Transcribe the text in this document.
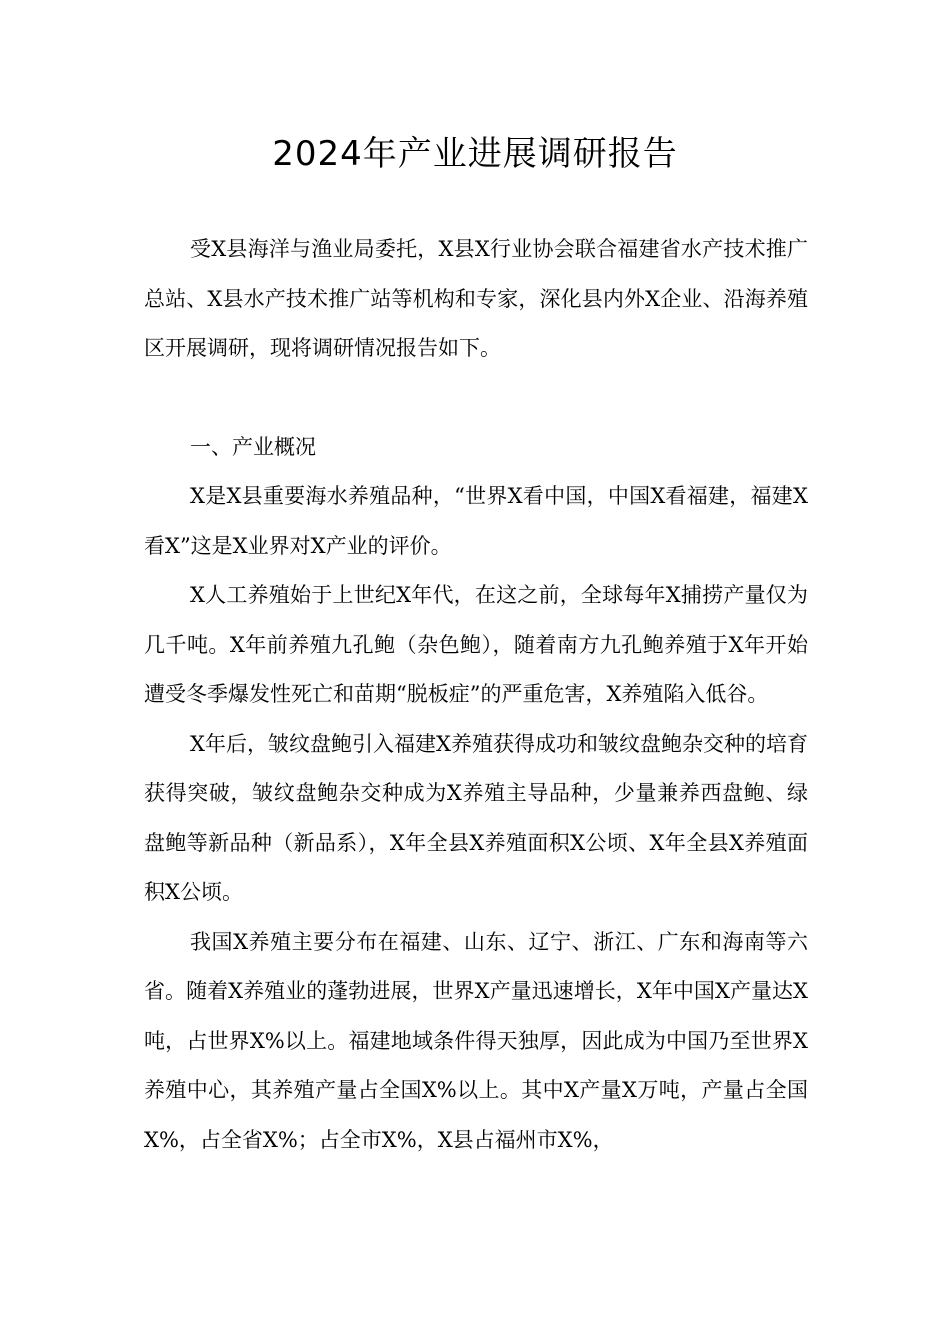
2024年产业进展调研报告

受X县海洋与渔业局委托，X县X行业协会联合福建省水产技术推广总站、X县水产技术推广站等机构和专家，深化县内外X企业、沿海养殖区开展调研，现将调研情况报告如下。

一、产业概况

X是X县重要海水养殖品种，“世界X看中国，中国X看福建，福建X看X”这是X业界对X产业的评价。

X人工养殖始于上世纪X年代，在这之前，全球每年X捕捞产量仅为几千吨。X年前养殖九孔鲍（杂色鲍），随着南方九孔鲍养殖于X年开始遭受冬季爆发性死亡和苗期“脱板症”的严重危害，X养殖陷入低谷。

X年后，皱纹盘鲍引入福建X养殖获得成功和皱纹盘鲍杂交种的培育获得突破，皱纹盘鲍杂交种成为X养殖主导品种，少量兼养西盘鲍、绿盘鲍等新品种（新品系），X年全县X养殖面积X公顷、X年全县X养殖面积X公顷。

我国X养殖主要分布在福建、山东、辽宁、浙江、广东和海南等六省。随着X养殖业的蓬勃进展，世界X产量迅速增长，X年中国X产量达X吨，占世界X%以上。福建地域条件得天独厚，因此成为中国乃至世界X养殖中心，其养殖产量占全国X%以上。其中X产量X万吨，产量占全国X%，占全省X%；占全市X%，X县占福州市X%，
